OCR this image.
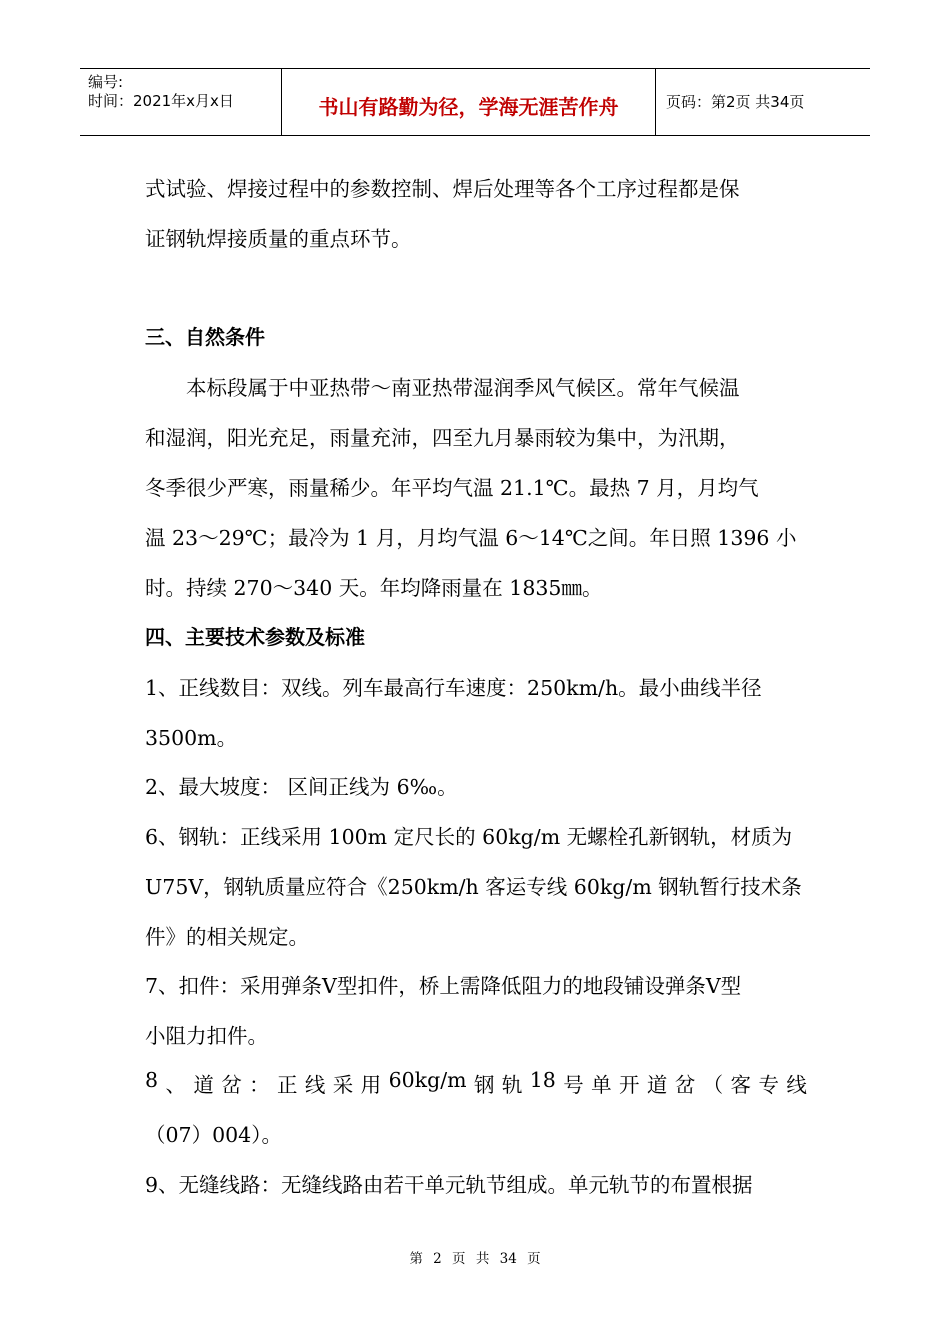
编号:
时间：2021年x月x日	书山有路勤为径，学海无涯苦作舟	页码：第2页 共34页
式试验、焊接过程中的参数控制、焊后处理等各个工序过程都是保
证钢轨焊接质量的重点环节。
三、自然条件
本标段属于中亚热带～南亚热带湿润季风气候区。常年气候温
和湿润，阳光充足，雨量充沛，四至九月暴雨较为集中，为汛期，
冬季很少严寒，雨量稀少。年平均气温 21.1℃。最热 7 月，月均气
温 23～29℃；最冷为 1 月，月均气温 6～14℃之间。年日照 1396 小
时。持续 270～340 天。年均降雨量在 1835㎜。
四、主要技术参数及标准
1、正线数目：双线。列车最高行车速度：250km/h。最小曲线半径
3500m。
2、最大坡度： 区间正线为 6‰。
6、钢轨：正线采用 100m 定尺长的 60kg/m 无螺栓孔新钢轨，材质为
U75V，钢轨质量应符合《250km/h 客运专线 60kg/m 钢轨暂行技术条
件》的相关规定。
7、扣件：采用弹条Ⅴ型扣件，桥上需降低阻力的地段铺设弹条Ⅴ型
小阻力扣件。
8 、 道 岔 ： 正 线 采 用 60kg/m 钢 轨 18 号 单 开 道 岔 （ 客 专 线
（07）004）。
9、无缝线路：无缝线路由若干单元轨节组成。单元轨节的布置根据
第 2 页 共 34 页
